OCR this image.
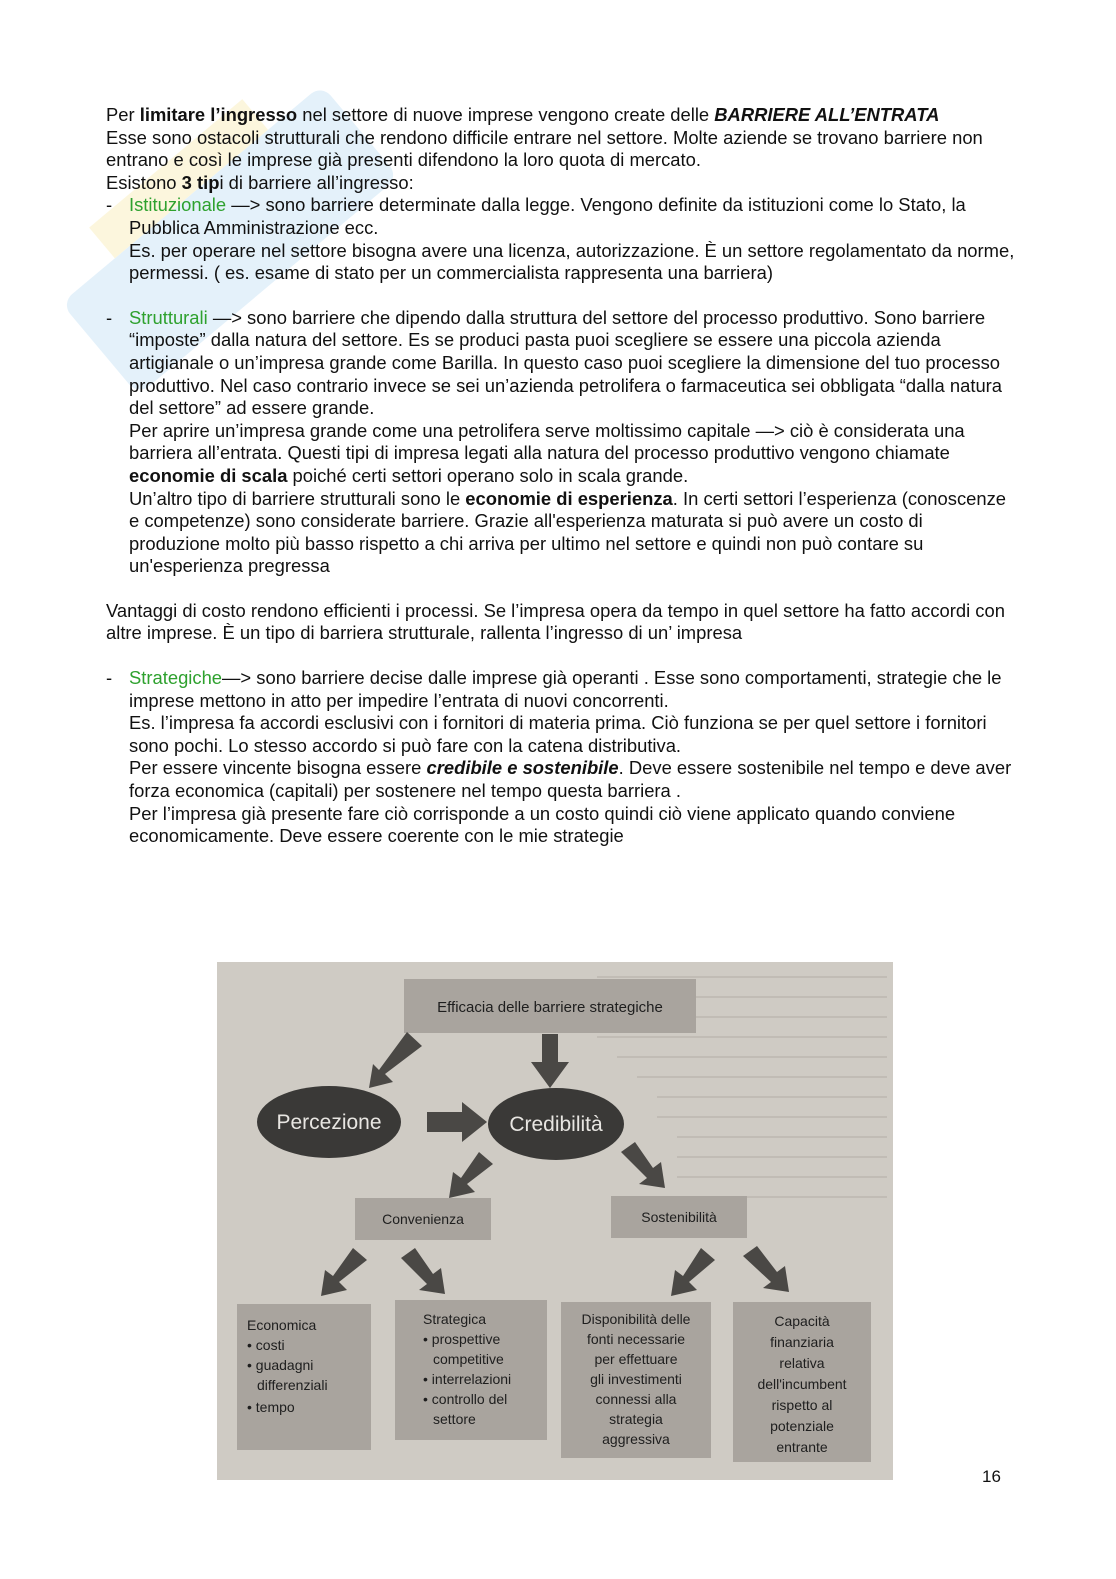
Per limitare l’ingresso nel settore di nuove imprese vengono create delle BARRIERE ALL’ENTRATA

Esse sono ostacoli strutturali che rendono difficile entrare nel settore. Molte aziende se trovano barriere non entrano e così le imprese già presenti difendono la loro quota di mercato.

Esistono 3 tipi di barriere all’ingresso:

- Istituzionale —> sono barriere determinate dalla legge. Vengono definite da istituzioni come lo Stato, la Pubblica Amministrazione ecc.

Es. per operare nel settore bisogna avere una licenza, autorizzazione. È un settore regolamentato da norme, permessi. ( es. esame di stato per un commercialista rappresenta una barriera)

- Strutturali —> sono barriere che dipendo dalla struttura del settore del processo produttivo. Sono barriere “imposte” dalla natura del settore. Es se produci pasta puoi scegliere se essere una piccola azienda artigianale o un’impresa grande come Barilla. In questo caso puoi scegliere la dimensione del tuo processo produttivo. Nel caso contrario invece se sei un’azienda petrolifera o farmaceutica sei obbligata “dalla natura del settore” ad essere grande.

Per aprire un’impresa grande come una petrolifera serve moltissimo capitale —> ciò è considerata una barriera all’entrata. Questi tipi di impresa legati alla natura del processo produttivo vengono chiamate economie di scala poiché certi settori operano solo in scala grande.

Un’altro tipo di barriere strutturali sono le economie di esperienza. In certi settori l’esperienza (conoscenze e competenze) sono considerate barriere. Grazie all'esperienza maturata si può avere un costo di produzione molto più basso rispetto a chi arriva per ultimo nel settore e quindi non può contare su un'esperienza pregressa

Vantaggi di costo rendono efficienti i processi. Se l’impresa opera da tempo in quel settore ha fatto accordi con altre imprese. È un tipo di barriera strutturale, rallenta l’ingresso di un’ impresa

- Strategiche—> sono barriere decise dalle imprese già operanti . Esse sono comportamenti, strategie che le imprese mettono in atto per impedire l’entrata di nuovi concorrenti.

Es. l’impresa fa accordi esclusivi con i fornitori di materia prima. Ciò funziona se per quel settore i fornitori sono pochi. Lo stesso accordo si può fare con la catena distributiva.

Per essere vincente bisogna essere credibile e sostenibile. Deve essere sostenibile nel tempo e deve aver forza economica (capitali) per sostenere nel tempo questa barriera .

Per l’impresa già presente fare ciò corrisponde a un costo quindi ciò viene applicato quando conviene economicamente. Deve essere coerente con le mie strategie

Efficacia delle barriere strategiche
Percezione	Credibilità
Convenienza	Sostenibilità
Economica
• costi
• guadagni
differenziali
• tempo
Strategica
• prospettive
competitive
• interrelazioni
• controllo del
settore
Disponibilità delle
fonti necessarie
per effettuare
gli investimenti
connessi alla
strategia
aggressiva
Capacità
finanziaria
relativa
dell'incumbent
rispetto al
potenziale
entrante
16
